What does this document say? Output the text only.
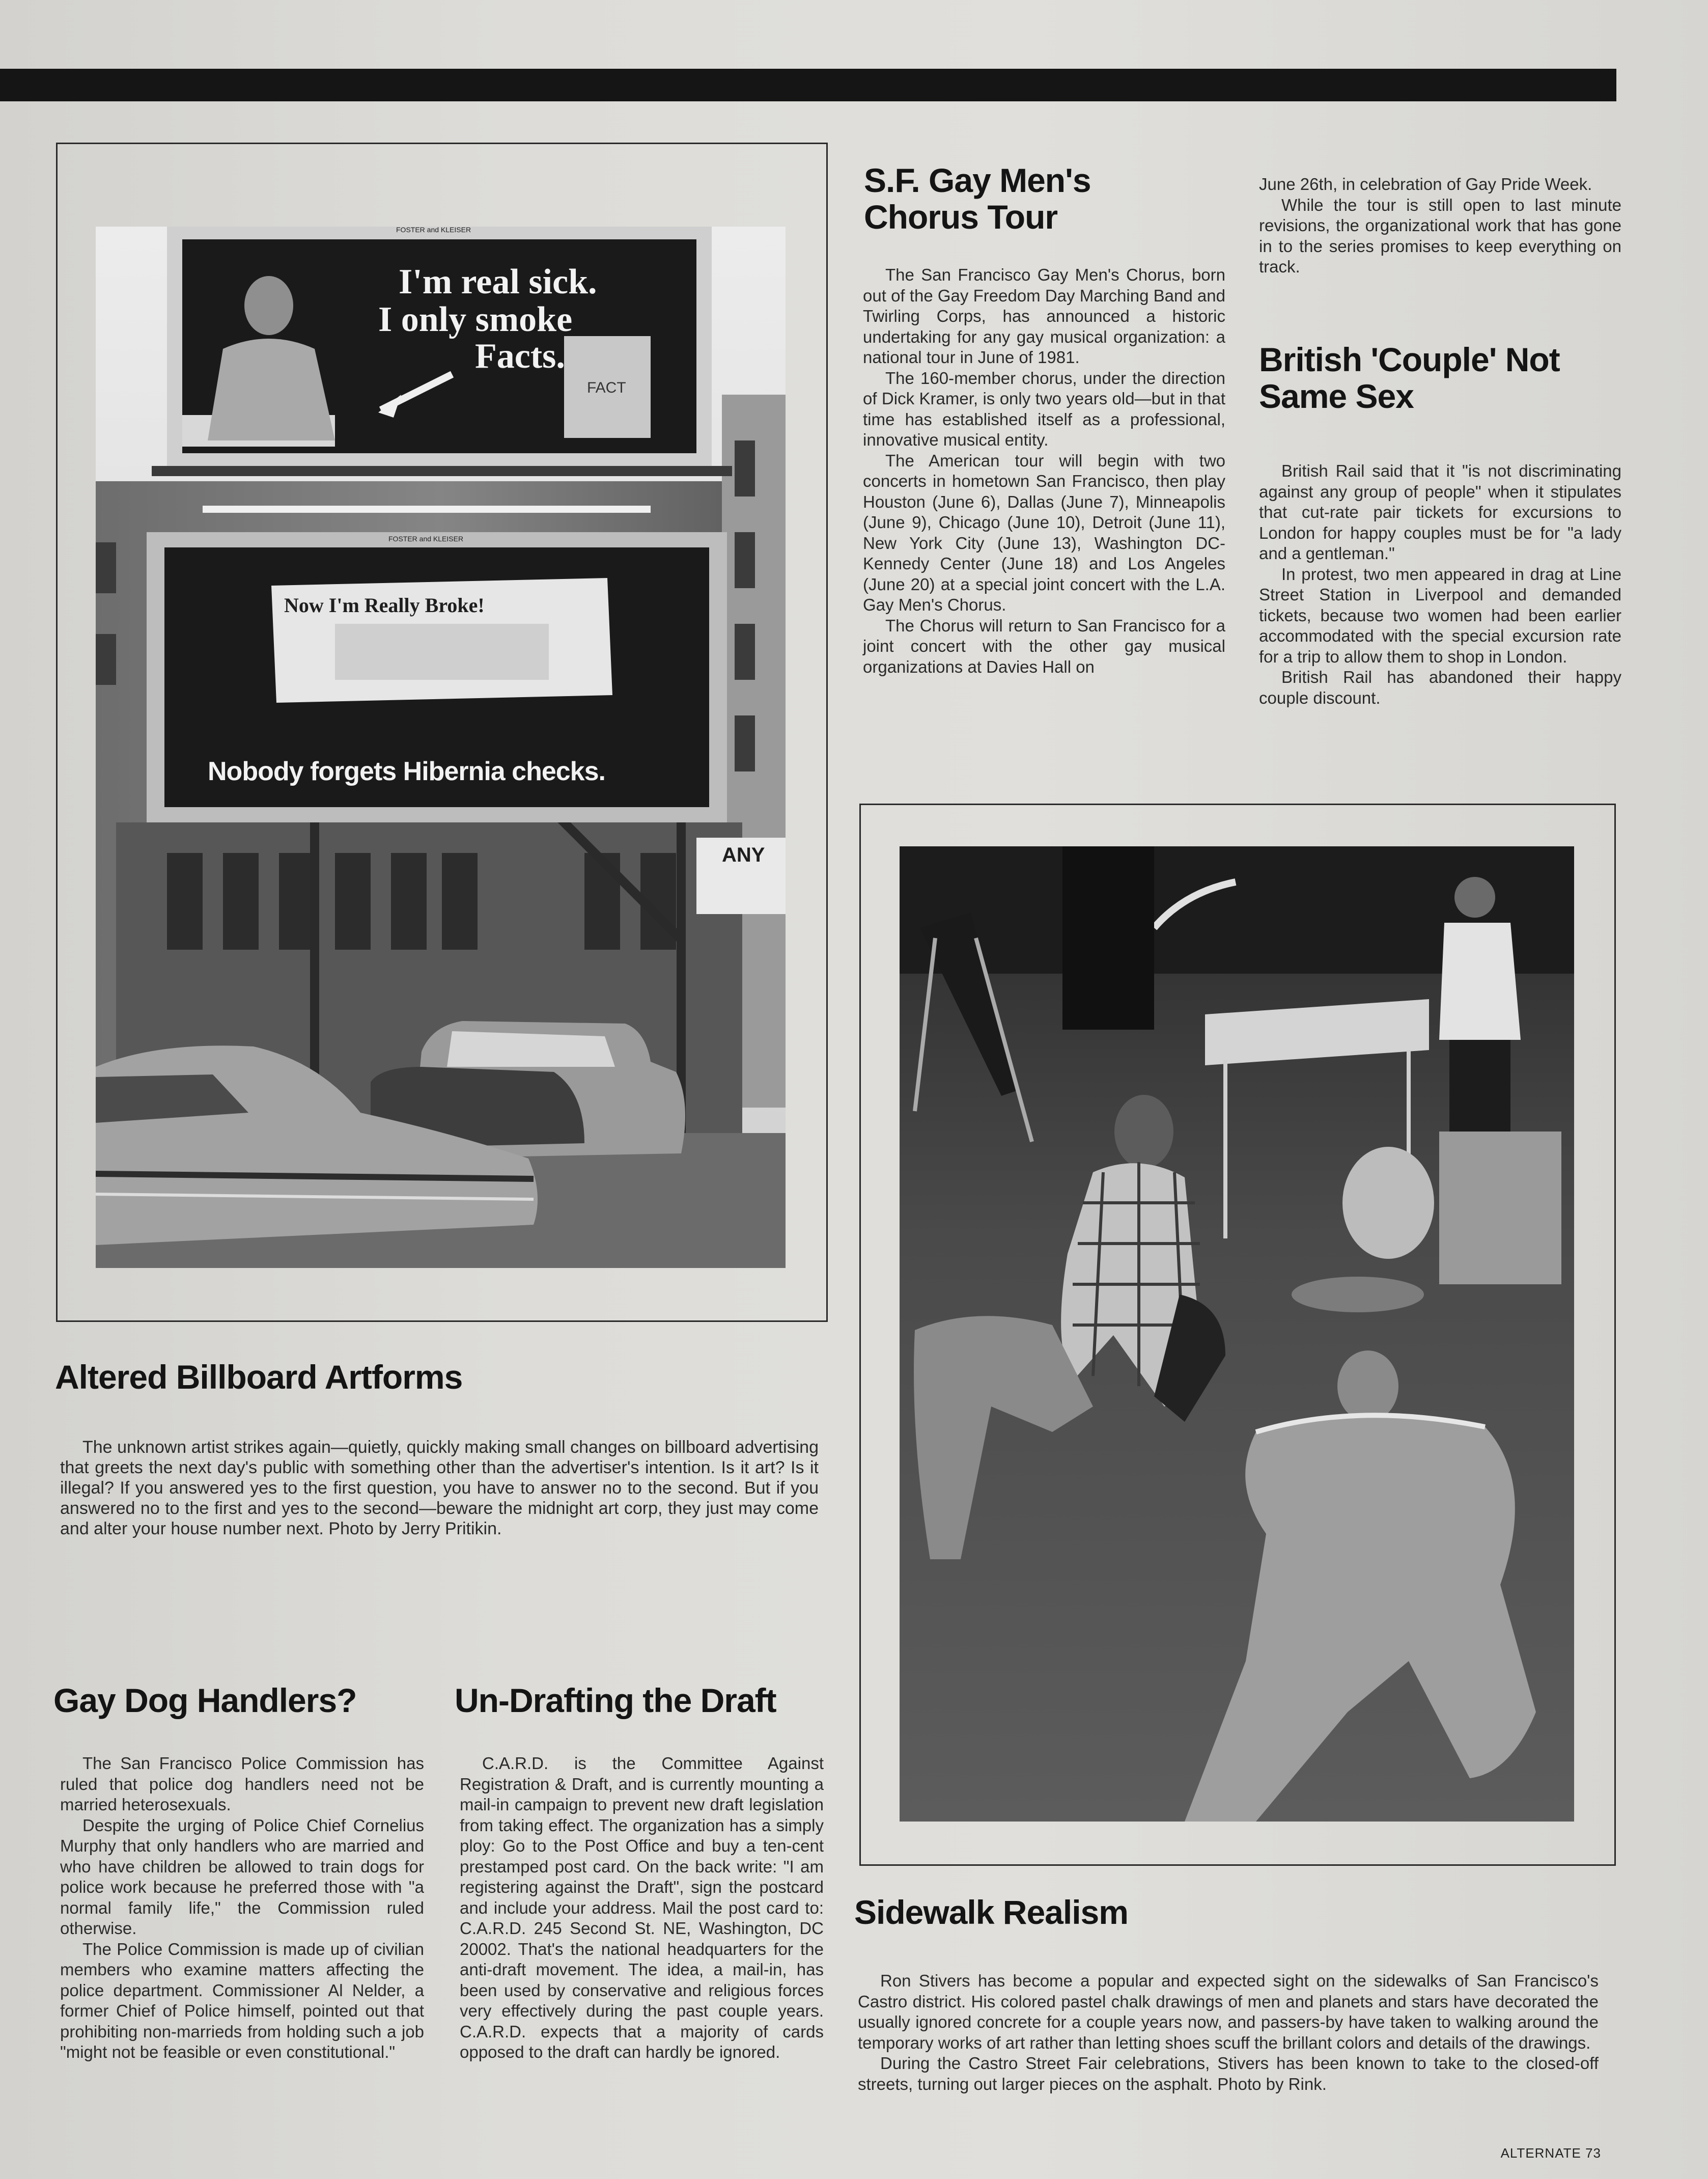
I'm real sick.
I only smoke
Facts.
FACT
FOSTER and KLEISER
FOSTER and KLEISER
Now I'm Really Broke!
Nobody forgets Hibernia checks.
ANY
Altered Billboard Artforms

The unknown artist strikes again—quietly, quickly making small changes on billboard advertising that greets the next day's public with something other than the advertiser's intention. Is it art? Is it illegal? If you answered yes to the first question, you have to answer no to the second. But if you answered no to the first and yes to the second—beware the midnight art corp, they just may come and alter your house number next. Photo by Jerry Pritikin.

Gay Dog Handlers?

The San Francisco Police Commission has ruled that police dog handlers need not be married heterosexuals.

Despite the urging of Police Chief Cornelius Murphy that only handlers who are married and who have children be allowed to train dogs for police work because he preferred those with "a normal family life," the Commission ruled otherwise.

The Police Commission is made up of civilian members who examine matters affecting the police department. Commissioner Al Nelder, a former Chief of Police himself, pointed out that prohibiting non-marrieds from holding such a job "might not be feasible or even constitutional."

Un-Drafting the Draft

C.A.R.D. is the Committee Against Registration & Draft, and is currently mounting a mail-in campaign to prevent new draft legislation from taking effect. The organization has a simply ploy: Go to the Post Office and buy a ten-cent prestamped post card. On the back write: "I am registering against the Draft", sign the postcard and include your address. Mail the post card to: C.A.R.D. 245 Second St. NE, Washington, DC 20002. That's the national headquarters for the anti-draft movement. The idea, a mail-in, has been used by conservative and religious forces very effectively during the past couple years. C.A.R.D. expects that a majority of cards opposed to the draft can hardly be ignored.

S.F. Gay Men's
Chorus Tour

The San Francisco Gay Men's Chorus, born out of the Gay Freedom Day Marching Band and Twirling Corps, has announced a historic undertaking for any gay musical organization: a national tour in June of 1981.

The 160-member chorus, under the direction of Dick Kramer, is only two years old—but in that time has established itself as a professional, innovative musical entity.

The American tour will begin with two concerts in hometown San Francisco, then play Houston (June 6), Dallas (June 7), Minneapolis (June 9), Chicago (June 10), Detroit (June 11), New York City (June 13), Washington DC-Kennedy Center (June 18) and Los Angeles (June 20) at a special joint concert with the L.A. Gay Men's Chorus.

The Chorus will return to San Francisco for a joint concert with the other gay musical organizations at Davies Hall on

June 26th, in celebration of Gay Pride Week.

While the tour is still open to last minute revisions, the organizational work that has gone in to the series promises to keep everything on track.

British 'Couple' Not
Same Sex

British Rail said that it "is not discriminating against any group of people" when it stipulates that cut-rate pair tickets for excursions to London for happy couples must be for "a lady and a gentleman."

In protest, two men appeared in drag at Line Street Station in Liverpool and demanded tickets, because two women had been earlier accommodated with the special excursion rate for a trip to allow them to shop in London.

British Rail has abandoned their happy couple discount.

Sidewalk Realism

Ron Stivers has become a popular and expected sight on the sidewalks of San Francisco's Castro district. His colored pastel chalk drawings of men and planets and stars have decorated the usually ignored concrete for a couple years now, and passers-by have taken to walking around the temporary works of art rather than letting shoes scuff the brillant colors and details of the drawings.

During the Castro Street Fair celebrations, Stivers has been known to take to the closed-off streets, turning out larger pieces on the asphalt. Photo by Rink.

ALTERNATE 73
